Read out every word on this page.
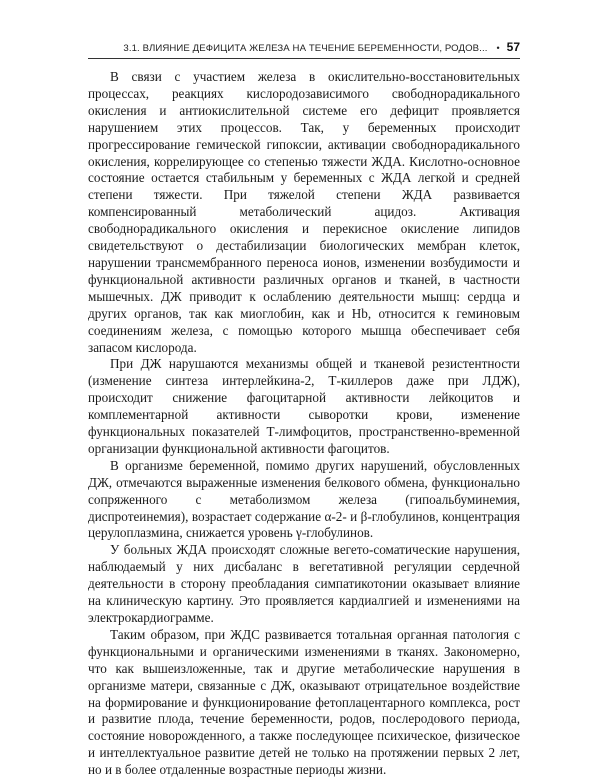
3.1. ВЛИЯНИЕ ДЕФИЦИТА ЖЕЛЕЗА НА ТЕЧЕНИЕ БЕРЕМЕННОСТИ, РОДОВ... • 57

В связи с участием железа в окислительно-восстановительных процессах, реакциях кислородозависимого свободнорадикального окисления и антиокислительной системе его дефицит проявляется нарушением этих процессов. Так, у беременных происходит прогрессирование гемической гипоксии, активации свободнорадикального окисления, коррелирующее со степенью тяжести ЖДА. Кислотно-основное состояние остается стабильным у беременных с ЖДА легкой и средней степени тяжести. При тяжелой степени ЖДА развивается компенсированный метаболический ацидоз. Активация свободнорадикального окисления и перекисное окисление липидов свидетельствуют о дестабилизации биологических мембран клеток, нарушении трансмембранного переноса ионов, изменении возбудимости и функциональной активности различных органов и тканей, в частности мышечных. ДЖ приводит к ослаблению деятельности мышц: сердца и других органов, так как миоглобин, как и Hb, относится к геминовым соединениям железа, с помощью которого мышца обеспечивает себя запасом кислорода.

При ДЖ нарушаются механизмы общей и тканевой резистентности (изменение синтеза интерлейкина-2, Т-киллеров даже при ЛДЖ), происходит снижение фагоцитарной активности лейкоцитов и комплементарной активности сыворотки крови, изменение функциональных показателей Т-лимфоцитов, пространственно-временной организации функциональной активности фагоцитов.

В организме беременной, помимо других нарушений, обусловленных ДЖ, отмечаются выраженные изменения белкового обмена, функционально сопряженного с метаболизмом железа (гипоальбуминемия, диспротеинемия), возрастает содержание α-2- и β-глобулинов, концентрация церулоплазмина, снижается уровень γ-глобулинов.

У больных ЖДА происходят сложные вегето-соматические нарушения, наблюдаемый у них дисбаланс в вегетативной регуляции сердечной деятельности в сторону преобладания симпатикотонии оказывает влияние на клиническую картину. Это проявляется кардиалгией и изменениями на электрокардиограмме.

Таким образом, при ЖДС развивается тотальная органная патология с функциональными и органическими изменениями в тканях. Закономерно, что как вышеизложенные, так и другие метаболические нарушения в организме матери, связанные с ДЖ, оказывают отрицательное воздействие на формирование и функционирование фетоплацентарного комплекса, рост и развитие плода, течение беременности, родов, послеродового периода, состояние новорожденного, а также последующее психическое, физическое и интеллектуальное развитие детей не только на протяжении первых 2 лет, но и в более отдаленные возрастные периоды жизни.
